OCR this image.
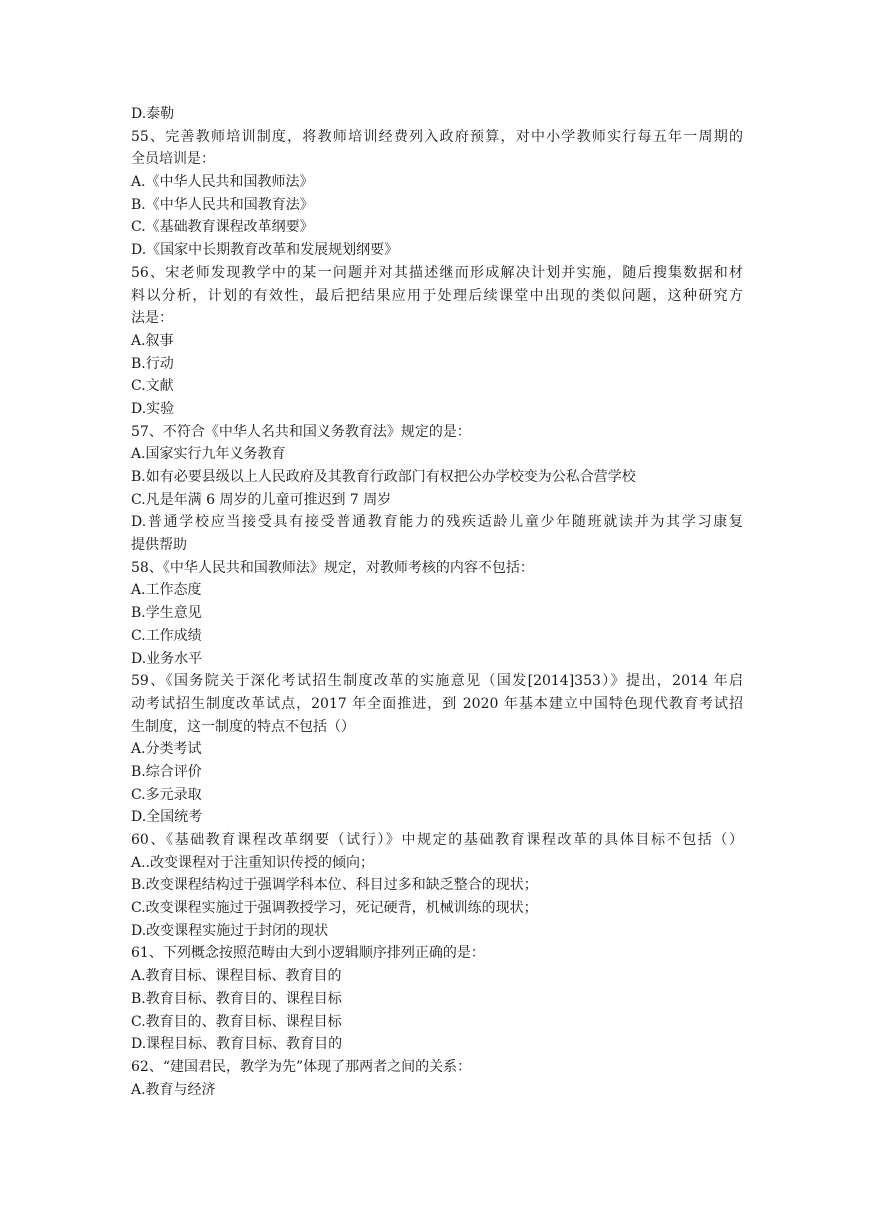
D.泰勒
55、完善教师培训制度，将教师培训经费列入政府预算，对中小学教师实行每五年一周期的
全员培训是：
A.《中华人民共和国教师法》
B.《中华人民共和国教育法》
C.《基础教育课程改革纲要》
D.《国家中长期教育改革和发展规划纲要》
56、宋老师发现教学中的某一问题并对其描述继而形成解决计划并实施，随后搜集数据和材
料以分析，计划的有效性，最后把结果应用于处理后续课堂中出现的类似问题，这种研究方
法是：
A.叙事
B.行动
C.文献
D.实验
57、不符合《中华人名共和国义务教育法》规定的是：
A.国家实行九年义务教育
B.如有必要县级以上人民政府及其教育行政部门有权把公办学校变为公私合营学校
C.凡是年满 6 周岁的儿童可推迟到 7 周岁
D.普通学校应当接受具有接受普通教育能力的残疾适龄儿童少年随班就读并为其学习康复
提供帮助
58、《中华人民共和国教师法》规定，对教师考核的内容不包括：
A.工作态度
B.学生意见
C.工作成绩
D.业务水平
59、《国务院关于深化考试招生制度改革的实施意见（国发[2014]353）》提出，2014 年启
动考试招生制度改革试点，2017 年全面推进，到 2020 年基本建立中国特色现代教育考试招
生制度，这一制度的特点不包括（）
A.分类考试
B.综合评价
C.多元录取
D.全国统考
60、《基础教育课程改革纲要（试行）》中规定的基础教育课程改革的具体目标不包括（）
A..改变课程对于注重知识传授的倾向；
B.改变课程结构过于强调学科本位、科目过多和缺乏整合的现状；
C.改变课程实施过于强调教授学习，死记硬背，机械训练的现状；
D.改变课程实施过于封闭的现状
61、下列概念按照范畴由大到小逻辑顺序排列正确的是：
A.教育目标、课程目标、教育目的
B.教育目标、教育目的、课程目标
C.教育目的、教育目标、课程目标
D.课程目标、教育目标、教育目的
62、“建国君民，教学为先”体现了那两者之间的关系：
A.教育与经济
